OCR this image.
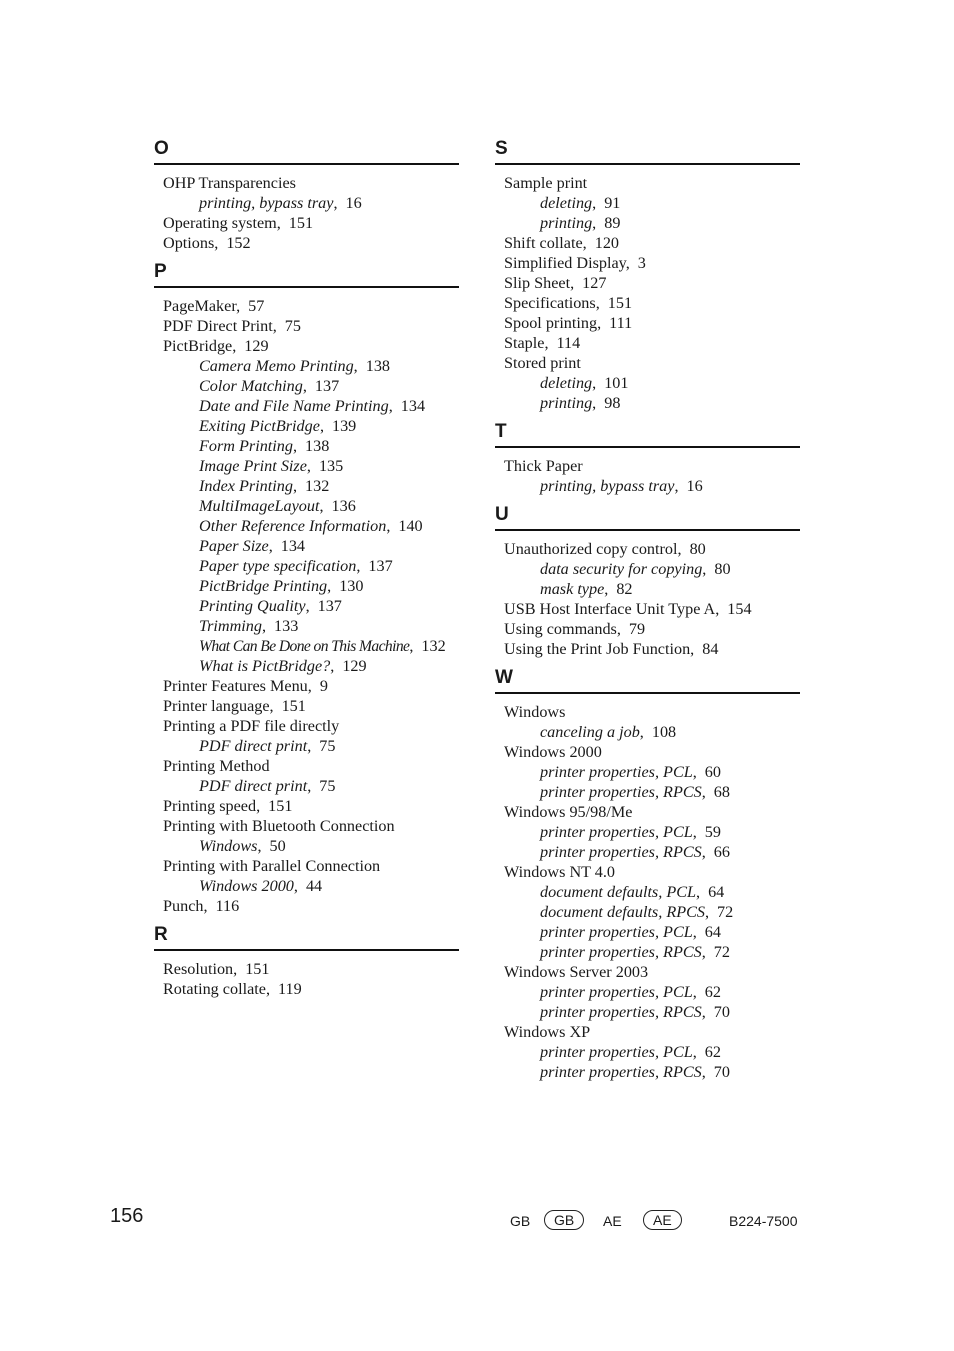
O
OHP Transparencies
printing, bypass tray, 16
Operating system, 151
Options, 152
P
PageMaker, 57
PDF Direct Print, 75
PictBridge, 129
Camera Memo Printing, 138
Color Matching, 137
Date and File Name Printing, 134
Exiting PictBridge, 139
Form Printing, 138
Image Print Size, 135
Index Printing, 132
MultiImageLayout, 136
Other Reference Information, 140
Paper Size, 134
Paper type specification, 137
PictBridge Printing, 130
Printing Quality, 137
Trimming, 133
What Can Be Done on This Machine, 132
What is PictBridge?, 129
Printer Features Menu, 9
Printer language, 151
Printing a PDF file directly
PDF direct print, 75
Printing Method
PDF direct print, 75
Printing speed, 151
Printing with Bluetooth Connection
Windows, 50
Printing with Parallel Connection
Windows 2000, 44
Punch, 116
R
Resolution, 151
Rotating collate, 119
S
Sample print
deleting, 91
printing, 89
Shift collate, 120
Simplified Display, 3
Slip Sheet, 127
Specifications, 151
Spool printing, 111
Staple, 114
Stored print
deleting, 101
printing, 98
T
Thick Paper
printing, bypass tray, 16
U
Unauthorized copy control, 80
data security for copying, 80
mask type, 82
USB Host Interface Unit Type A, 154
Using commands, 79
Using the Print Job Function, 84
W
Windows
canceling a job, 108
Windows 2000
printer properties, PCL, 60
printer properties, RPCS, 68
Windows 95/98/Me
printer properties, PCL, 59
printer properties, RPCS, 66
Windows NT 4.0
document defaults, PCL, 64
document defaults, RPCS, 72
printer properties, PCL, 64
printer properties, RPCS, 72
Windows Server 2003
printer properties, PCL, 62
printer properties, RPCS, 70
Windows XP
printer properties, PCL, 62
printer properties, RPCS, 70
156	GB	GB	AE	AE	B224-7500
